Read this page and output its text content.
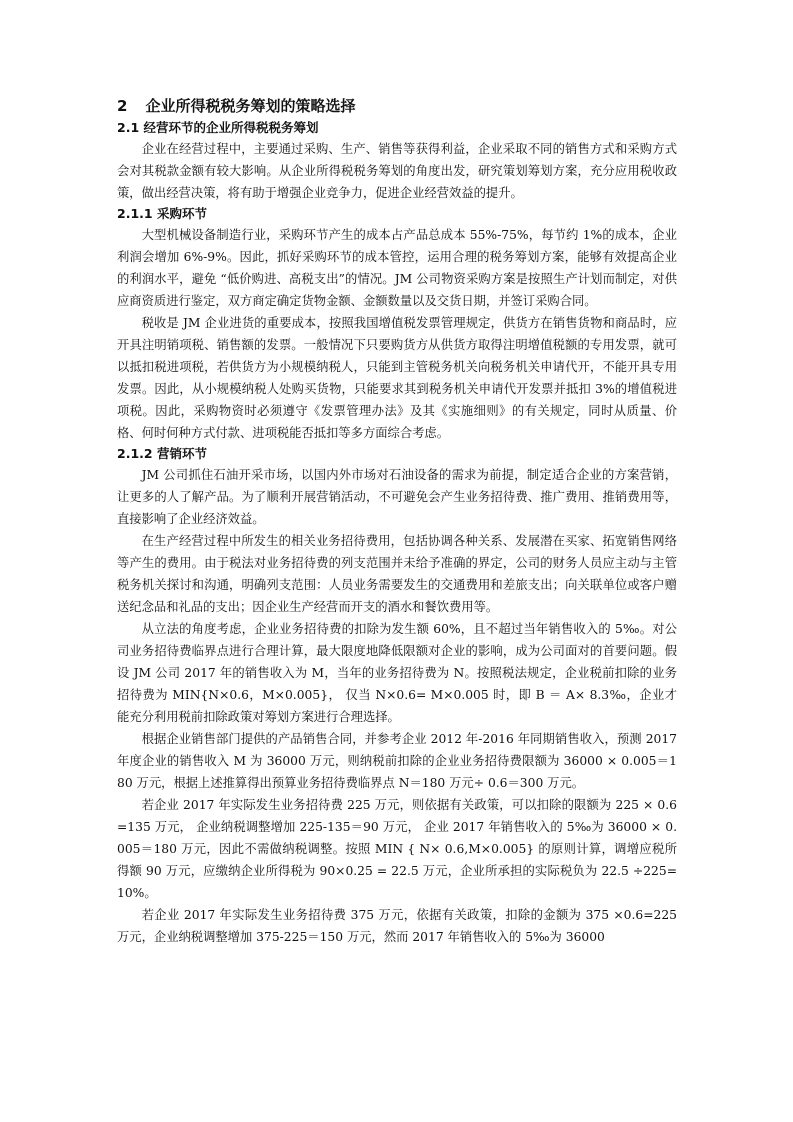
2 企业所得税税务筹划的策略选择
2.1 经营环节的企业所得税税务筹划

企业在经营过程中，主要通过采购、生产、销售等获得利益，企业采取不同的销售方式和采购方式会对其税款金额有较大影响。从企业所得税税务筹划的角度出发，研究策划筹划方案，充分应用税收政策，做出经营决策，将有助于增强企业竞争力，促进企业经营效益的提升。

2.1.1 采购环节

大型机械设备制造行业，采购环节产生的成本占产品总成本 55%-75%，每节约 1%的成本，企业利润会增加 6%-9%。因此，抓好采购环节的成本管控，运用合理的税务筹划方案，能够有效提高企业的利润水平，避免 “低价购进、高税支出”的情况。JM 公司物资采购方案是按照生产计划而制定，对供应商资质进行鉴定，双方商定确定货物金额、金额数量以及交货日期，并签订采购合同。

税收是 JM 企业进货的重要成本，按照我国增值税发票管理规定，供货方在销售货物和商品时，应开具注明销项税、销售额的发票。一般情况下只要购货方从供货方取得注明增值税额的专用发票，就可以抵扣税进项税，若供货方为小规模纳税人，只能到主管税务机关向税务机关申请代开，不能开具专用发票。因此，从小规模纳税人处购买货物，只能要求其到税务机关申请代开发票并抵扣 3%的增值税进项税。因此，采购物资时必须遵守《发票管理办法》及其《实施细则》的有关规定，同时从质量、价格、何时何种方式付款、进项税能否抵扣等多方面综合考虑。

2.1.2 营销环节

JM 公司抓住石油开采市场，以国内外市场对石油设备的需求为前提，制定适合企业的方案营销，让更多的人了解产品。为了顺利开展营销活动，不可避免会产生业务招待费、推广费用、推销费用等，直接影响了企业经济效益。

在生产经营过程中所发生的相关业务招待费用，包括协调各种关系、发展潜在买家、拓宽销售网络等产生的费用。由于税法对业务招待费的列支范围并未给予准确的界定，公司的财务人员应主动与主管税务机关探讨和沟通，明确列支范围：人员业务需要发生的交通费用和差旅支出；向关联单位或客户赠送纪念品和礼品的支出；因企业生产经营而开支的酒水和餐饮费用等。

从立法的角度考虑，企业业务招待费的扣除为发生额 60%，且不超过当年销售收入的 5‰。对公司业务招待费临界点进行合理计算，最大限度地降低限额对企业的影响，成为公司面对的首要问题。假设 JM 公司 2017 年的销售收入为 M，当年的业务招待费为 N。按照税法规定，企业税前扣除的业务招待费为 MIN{N×0.6，M×0.005}， 仅当 N×0.6= M×0.005 时，即 B ＝ A× 8.3‰，企业才能充分利用税前扣除政策对筹划方案进行合理选择。

根据企业销售部门提供的产品销售合同，并参考企业 2012 年-2016 年同期销售收入，预测 2017 年度企业的销售收入 M 为 36000 万元，则纳税前扣除的企业业务招待费限额为 36000 × 0.005＝180 万元，根据上述推算得出预算业务招待费临界点 N＝180 万元÷ 0.6＝300 万元。

若企业 2017 年实际发生业务招待费 225 万元，则依据有关政策，可以扣除的限额为 225 × 0.6 =135 万元， 企业纳税调整增加 225-135＝90 万元， 企业 2017 年销售收入的 5‰为 36000 × 0.005＝180 万元，因此不需做纳税调整。按照 MIN { N× 0.6,M×0.005} 的原则计算，调增应税所得额 90 万元，应缴纳企业所得税为 90×0.25 = 22.5 万元，企业所承担的实际税负为 22.5 ÷225= 10%。

若企业 2017 年实际发生业务招待费 375 万元，依据有关政策，扣除的金额为 375 ×0.6=225 万元，企业纳税调整增加 375-225＝150 万元，然而 2017 年销售收入的 5‰为 36000
